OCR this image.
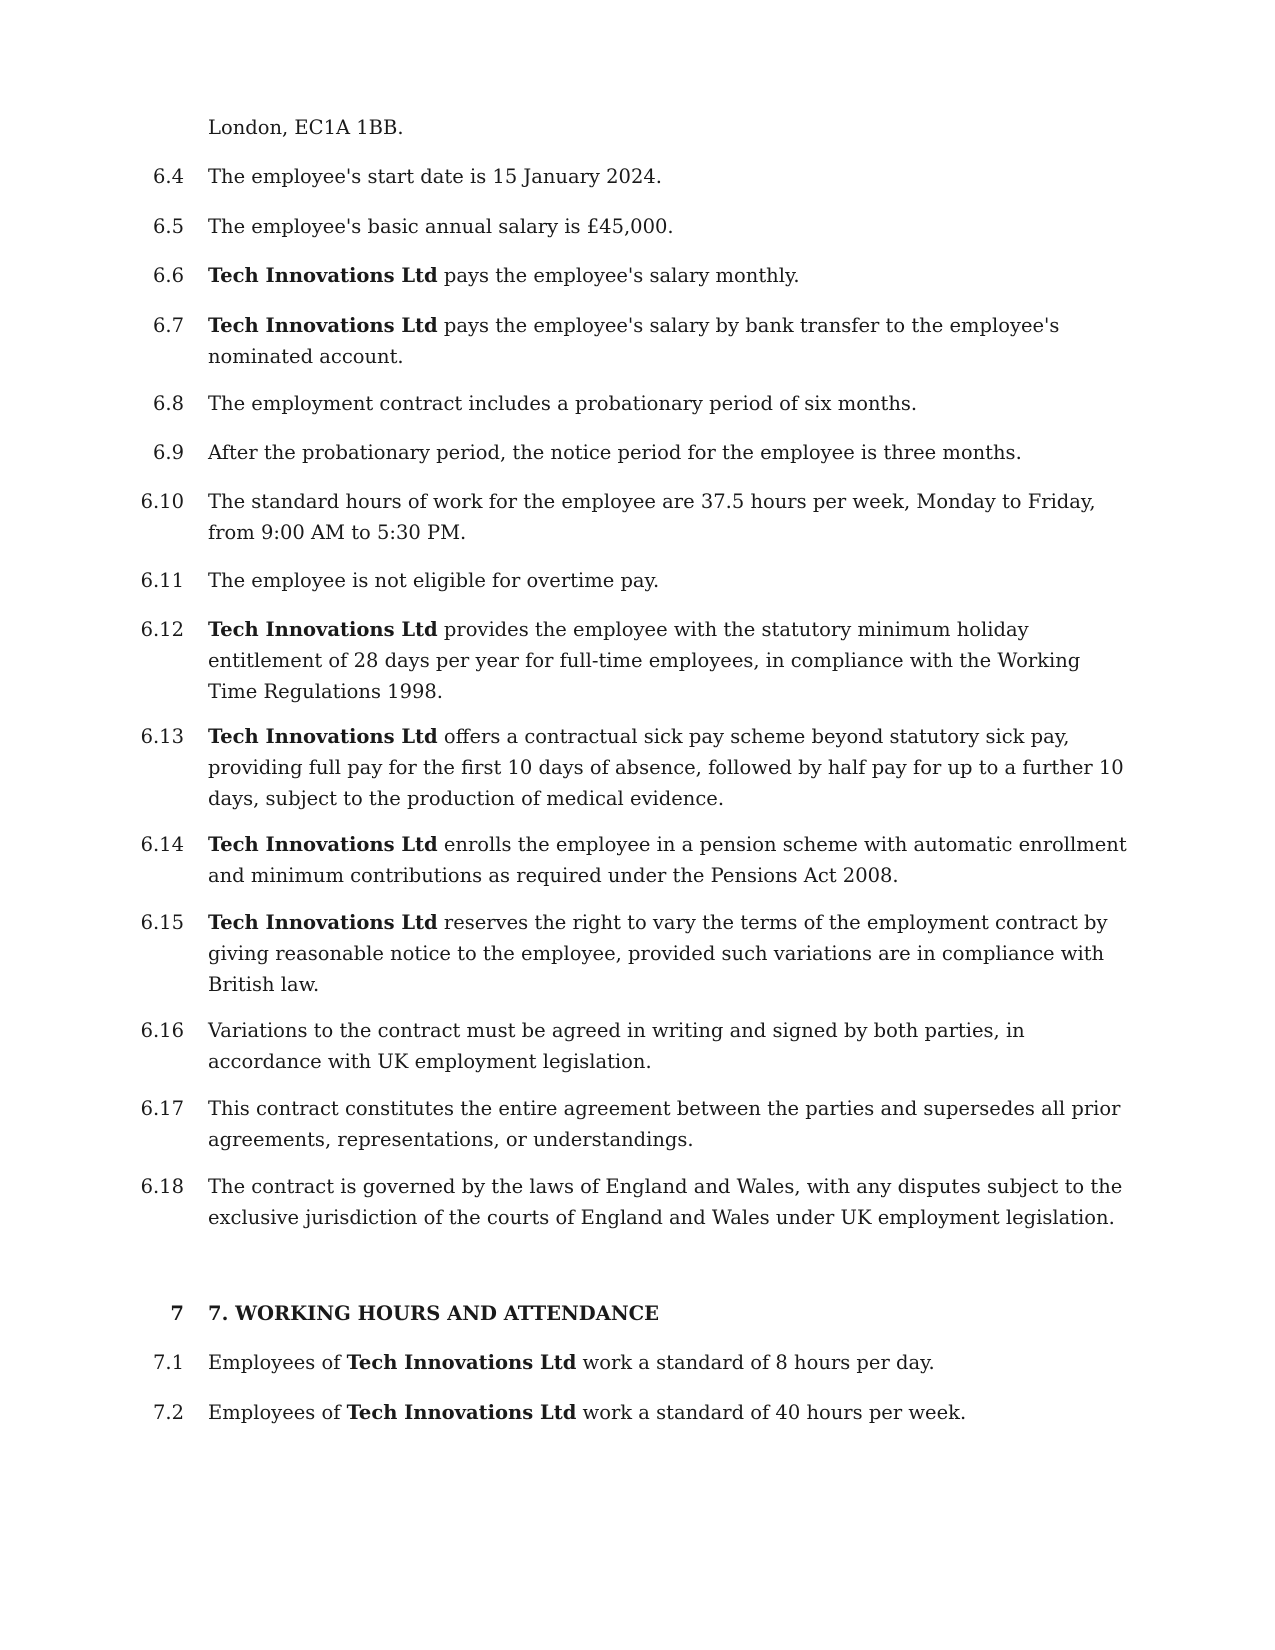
London, EC1A 1BB.
6.4 The employee's start date is 15 January 2024.
6.5 The employee's basic annual salary is £45,000.
6.6 Tech Innovations Ltd pays the employee's salary monthly.
6.7 Tech Innovations Ltd pays the employee's salary by bank transfer to the employee's nominated account.
6.8 The employment contract includes a probationary period of six months.
6.9 After the probationary period, the notice period for the employee is three months.
6.10 The standard hours of work for the employee are 37.5 hours per week, Monday to Friday, from 9:00 AM to 5:30 PM.
6.11 The employee is not eligible for overtime pay.
6.12 Tech Innovations Ltd provides the employee with the statutory minimum holiday entitlement of 28 days per year for full-time employees, in compliance with the Working Time Regulations 1998.
6.13 Tech Innovations Ltd offers a contractual sick pay scheme beyond statutory sick pay, providing full pay for the first 10 days of absence, followed by half pay for up to a further 10 days, subject to the production of medical evidence.
6.14 Tech Innovations Ltd enrolls the employee in a pension scheme with automatic enrollment and minimum contributions as required under the Pensions Act 2008.
6.15 Tech Innovations Ltd reserves the right to vary the terms of the employment contract by giving reasonable notice to the employee, provided such variations are in compliance with British law.
6.16 Variations to the contract must be agreed in writing and signed by both parties, in accordance with UK employment legislation.
6.17 This contract constitutes the entire agreement between the parties and supersedes all prior agreements, representations, or understandings.
6.18 The contract is governed by the laws of England and Wales, with any disputes subject to the exclusive jurisdiction of the courts of England and Wales under UK employment legislation.
7 7. WORKING HOURS AND ATTENDANCE
7.1 Employees of Tech Innovations Ltd work a standard of 8 hours per day.
7.2 Employees of Tech Innovations Ltd work a standard of 40 hours per week.
